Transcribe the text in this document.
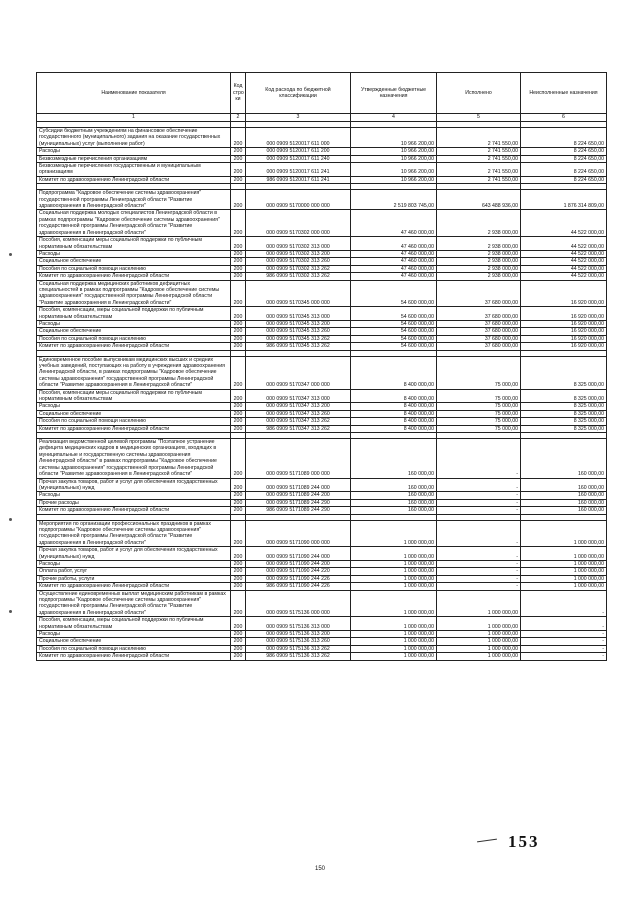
Наименование показателя	Код стро ки	Код расхода по бюджетной классификации	Утвержденные бюджетные назначения	Исполнено	Неисполненные назначения
1	2	3	4	5	6

Субсидии бюджетным учреждениям на финансовое обеспечение государственного (муниципального) задания на оказание государственных (муниципальных) услуг (выполнение работ)	200	000 0909 5120017 611 000	10 966 200,00	2 741 550,00	8 224 650,00
Расходы	200	000 0909 5120017 611 200	10 966 200,00	2 741 550,00	8 224 650,00
Безвозмездные перечисления организациям	200	000 0909 5120017 611 240	10 966 200,00	2 741 550,00	8 224 650,00
Безвозмездные перечисления государственным и муниципальным организациям	200	000 0909 5120017 611 241	10 966 200,00	2 741 550,00	8 224 650,00
Комитет по здравоохранению Ленинградской области	200	986 0909 5120017 611 241	10 966 200,00	2 741 550,00	8 224 650,00

Подпрограмма "Кадровое обеспечение системы здравоохранения" государственной программы Ленинградской области "Развитие здравоохранения в Ленинградской области"	200	000 0909 5170000 000 000	2 519 803 745,00	643 488 936,00	1 876 314 809,00
Социальная поддержка молодых специалистов Ленинградской области в рамках подпрограммы "Кадровое обеспечение системы здравоохранения" государственной программы Ленинградской области "Развитие здравоохранения в Ленинградской области"	200	000 0909 5170302 000 000	47 460 000,00	2 938 000,00	44 522 000,00
Пособия, компенсации меры социальной поддержки по публичным нормативным обязательствам	200	000 0909 5170302 313 000	47 460 000,00	2 938 000,00	44 522 000,00
Расходы	200	000 0909 5170302 313 200	47 460 000,00	2 938 000,00	44 522 000,00
Социальное обеспечение	200	000 0909 5170302 313 260	47 460 000,00	2 938 000,00	44 522 000,00
Пособия по социальной помощи населению	200	000 0909 5170302 313 262	47 460 000,00	2 938 000,00	44 522 000,00
Комитет по здравоохранению Ленинградской области	200	986 0909 5170302 313 262	47 460 000,00	2 938 000,00	44 522 000,00
Социальная поддержка медицинских работников дефицитных специальностей в рамках подпрограммы "Кадровое обеспечение системы здравоохранения" государственной программы Ленинградской области "Развитие здравоохранения в Ленинградской области"	200	000 0909 5170345 000 000	54 600 000,00	37 680 000,00	16 920 000,00
Пособия, компенсации, меры социальной поддержки по публичным нормативным обязательствам	200	000 0909 5170345 313 000	54 600 000,00	37 680 000,00	16 920 000,00
Расходы	200	000 0909 5170345 313 200	54 600 000,00	37 680 000,00	16 920 000,00
Социальное обеспечение	200	000 0909 5170345 313 260	54 600 000,00	37 680 000,00	16 920 000,00
Пособия по социальной помощи населению	200	000 0909 5170345 313 262	54 600 000,00	37 680 000,00	16 920 000,00
Комитет по здравоохранению Ленинградской области	200	986 0909 5170345 313 262	54 600 000,00	37 680 000,00	16 920 000,00

Единовременное пособие выпускникам медицинских высших и средних учебных заведений, поступающих на работу в учреждения здравоохранения Ленинградской области, в рамках подпрограммы "Кадровое обеспечение системы здравоохранения" государственной программы Ленинградской области "Развитие здравоохранения в Ленинградской области"	200	000 0909 5170347 000 000	8 400 000,00	75 000,00	8 325 000,00
Пособия, компенсации меры социальной поддержки по публичным нормативным обязательствам	200	000 0909 5170347 313 000	8 400 000,00	75 000,00	8 325 000,00
Расходы	200	000 0909 5170347 313 200	8 400 000,00	75 000,00	8 325 000,00
Социальное обеспечение	200	000 0909 5170347 313 260	8 400 000,00	75 000,00	8 325 000,00
Пособия по социальной помощи населению	200	000 0909 5170347 313 262	8 400 000,00	75 000,00	8 325 000,00
Комитет по здравоохранению Ленинградской области	200	986 0909 5170347 313 262	8 400 000,00	75 000,00	8 325 000,00

Реализация ведомственной целевой программы "Поэтапное устранение дефицита медицинских кадров в медицинских организациях, входящих в муниципальные и государственную системы здравоохранения Ленинградской области" в рамках подпрограммы "Кадровое обеспечение системы здравоохранения" государственной программы Ленинградской области "Развитие здравоохранения в Ленинградской области"	200	000 0909 5171089 000 000	160 000,00	-	160 000,00
Прочая закупка товаров, работ и услуг для обеспечения государственных (муниципальных) нужд	200	000 0909 5171089 244 000	160 000,00	-	160 000,00
Расходы	200	000 0909 5171089 244 200	160 000,00	-	160 000,00
Прочие расходы	200	000 0909 5171089 244 290	160 000,00	-	160 000,00
Комитет по здравоохранению Ленинградской области	200	986 0909 5171089 244 290	160 000,00	-	160 000,00

Мероприятия по организации профессиональных праздников в рамках подпрограммы "Кадровое обеспечение системы здравоохранения" государственной программы Ленинградской области "Развитие здравоохранения в Ленинградской области"	200	000 0909 5171090 000 000	1 000 000,00	-	1 000 000,00
Прочая закупка товаров, работ и услуг для обеспечения государственных (муниципальных) нужд	200	000 0909 5171090 244 000	1 000 000,00	-	1 000 000,00
Расходы	200	000 0909 5171090 244 200	1 000 000,00	-	1 000 000,00
Оплата работ, услуг	200	000 0909 5171090 244 220	1 000 000,00	-	1 000 000,00
Прочие работы, услуги	200	000 0909 5171090 244 226	1 000 000,00	-	1 000 000,00
Комитет по здравоохранению Ленинградской области	200	986 0909 5171090 244 226	1 000 000,00	-	1 000 000,00
Осуществление единовременных выплат медицинским работникам в рамках подпрограммы "Кадровое обеспечение системы здравоохранения" государственной программы Ленинградской области "Развитие здравоохранения в Ленинградской области"	200	000 0909 5175136 000 000	1 000 000,00	1 000 000,00	-
Пособия, компенсации, меры социальной поддержки по публичным нормативным обязательствам	200	000 0909 5175136 313 000	1 000 000,00	1 000 000,00	-
Расходы	200	000 0909 5175136 313 200	1 000 000,00	1 000 000,00	-
Социальное обеспечение	200	000 0909 5175136 313 260	1 000 000,00	1 000 000,00	-
Пособия по социальной помощи населению	200	000 0909 5175136 313 262	1 000 000,00	1 000 000,00	-
Комитет по здравоохранению Ленинградской области	200	986 0909 5175136 313 262	1 000 000,00	1 000 000,00	-
153
150
